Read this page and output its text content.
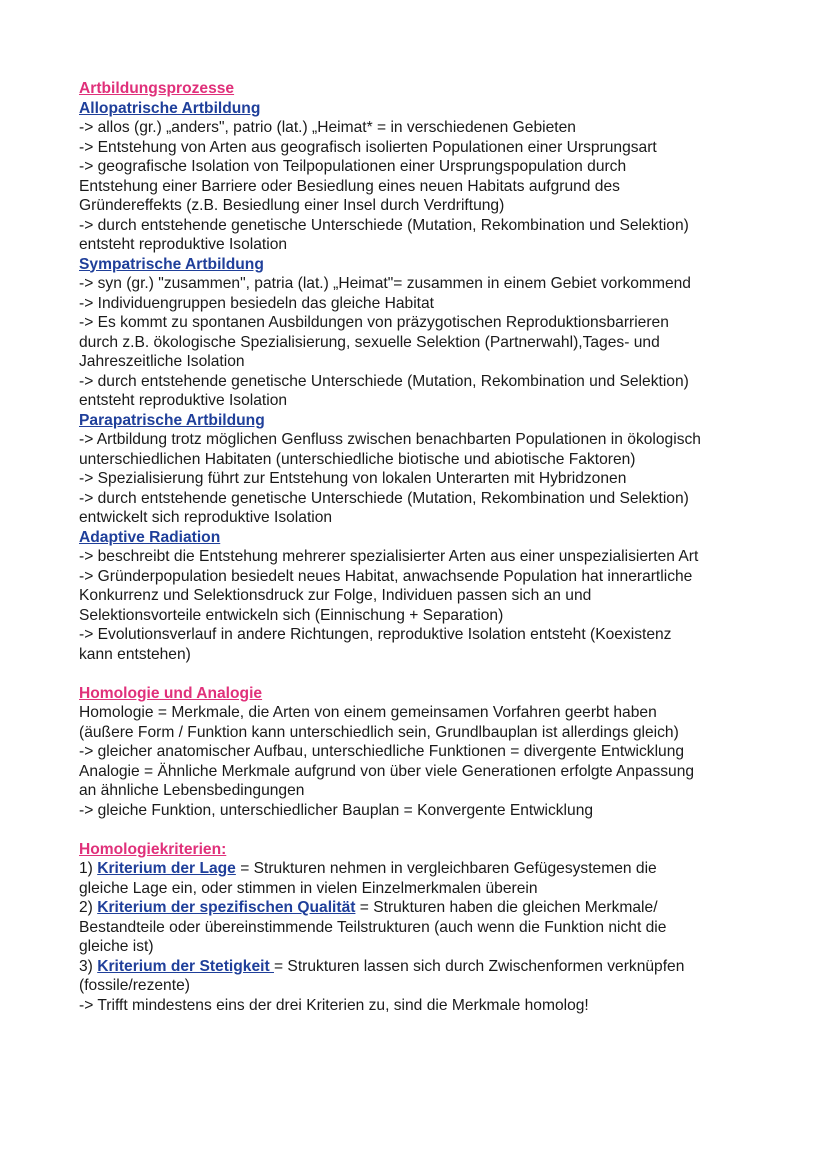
Artbildungsprozesse
Allopatrische Artbildung
-> allos (gr.) „anders", patrio (lat.) „Heimat* = in verschiedenen Gebieten
-> Entstehung von Arten aus geografisch isolierten Populationen einer Ursprungsart
-> geografische Isolation von Teilpopulationen einer Ursprungspopulation durch
Entstehung einer Barriere oder Besiedlung eines neuen Habitats aufgrund des
Gründereffekts (z.B. Besiedlung einer Insel durch Verdriftung)
-> durch entstehende genetische Unterschiede (Mutation, Rekombination und Selektion)
entsteht reproduktive Isolation
Sympatrische Artbildung
-> syn (gr.) "zusammen", patria (lat.) „Heimat"= zusammen in einem Gebiet vorkommend
-> Individuengruppen besiedeln das gleiche Habitat
-> Es kommt zu spontanen Ausbildungen von präzygotischen Reproduktionsbarrieren
durch z.B. ökologische Spezialisierung, sexuelle Selektion (Partnerwahl),Tages- und
Jahreszeitliche Isolation
-> durch entstehende genetische Unterschiede (Mutation, Rekombination und Selektion)
entsteht reproduktive Isolation
Parapatrische Artbildung
-> Artbildung trotz möglichen Genfluss zwischen benachbarten Populationen in ökologisch
unterschiedlichen Habitaten (unterschiedliche biotische und abiotische Faktoren)
-> Spezialisierung führt zur Entstehung von lokalen Unterarten mit Hybridzonen
-> durch entstehende genetische Unterschiede (Mutation, Rekombination und Selektion)
entwickelt sich reproduktive Isolation
Adaptive Radiation
-> beschreibt die Entstehung mehrerer spezialisierter Arten aus einer unspezialisierten Art
-> Gründerpopulation besiedelt neues Habitat, anwachsende Population hat innerartliche
Konkurrenz und Selektionsdruck zur Folge, Individuen passen sich an und
Selektionsvorteile entwickeln sich (Einnischung + Separation)
-> Evolutionsverlauf in andere Richtungen, reproduktive Isolation entsteht (Koexistenz
kann entstehen)
Homologie und Analogie
Homologie = Merkmale, die Arten von einem gemeinsamen Vorfahren geerbt haben
(äußere Form / Funktion kann unterschiedlich sein, Grundlbauplan ist allerdings gleich)
-> gleicher anatomischer Aufbau, unterschiedliche Funktionen = divergente Entwicklung
Analogie = Ähnliche Merkmale aufgrund von über viele Generationen erfolgte Anpassung
an ähnliche Lebensbedingungen
-> gleiche Funktion, unterschiedlicher Bauplan = Konvergente Entwicklung
Homologiekriterien:
1) Kriterium der Lage = Strukturen nehmen in vergleichbaren Gefügesystemen die
gleiche Lage ein, oder stimmen in vielen Einzelmerkmalen überein
2) Kriterium der spezifischen Qualität = Strukturen haben die gleichen Merkmale/
Bestandteile oder übereinstimmende Teilstrukturen (auch wenn die Funktion nicht die
gleiche ist)
3) Kriterium der Stetigkeit = Strukturen lassen sich durch Zwischenformen verknüpfen
(fossile/rezente)
-> Trifft mindestens eins der drei Kriterien zu, sind die Merkmale homolog!
